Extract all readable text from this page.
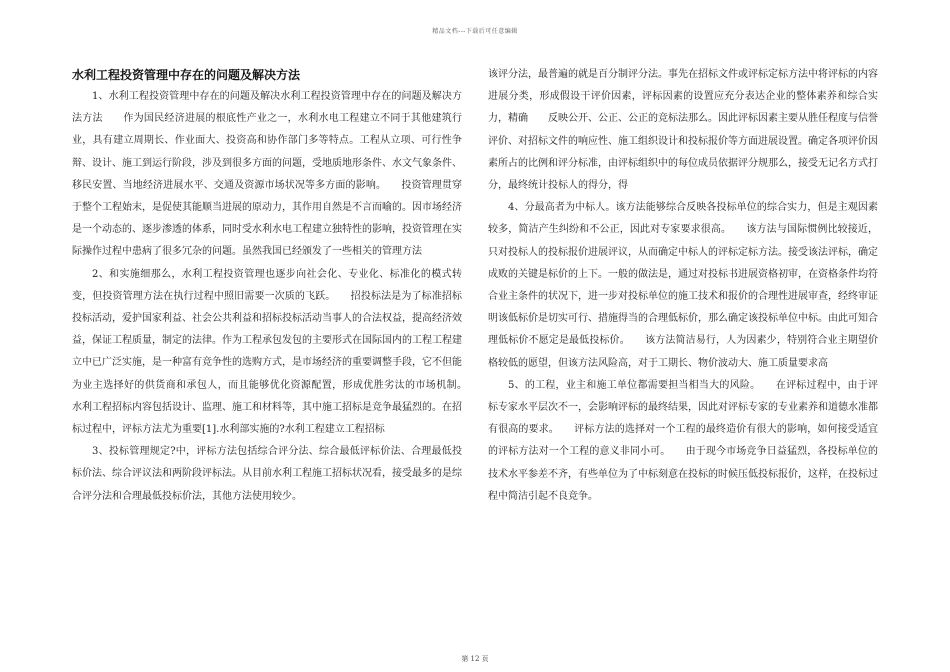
精品文档---下载后可任意编辑
水利工程投资管理中存在的问题及解决方法

1、水利工程投资管理中存在的问题及解决水利工程投资管理中存在的问题及解决方法方法　　作为国民经济进展的根底性产业之一，水利水电工程建立不同于其他建筑行业，具有建立周期长、作业面大、投资高和协作部门多等特点。工程从立项、可行性争辩、设计、施工到运行阶段，涉及到很多方面的问题，受地质地形条件、水文气象条件、移民安置、当地经济进展水平、交通及资源市场状况等多方面的影响。　　投资管理贯穿于整个工程始末，是促使其能顺当进展的原动力，其作用自然是不言而喻的。因市场经济是一个动态的、逐步渗透的体系，同时受水利水电工程建立独特性的影响，投资管理在实际操作过程中患病了很多冗杂的问题。虽然我国已经颁发了一些相关的管理方法

2、和实施细那么，水利工程投资管理也逐步向社会化、专业化、标准化的模式转变，但投资管理方法在执行过程中照旧需要一次质的飞跃。　　招投标法是为了标准招标投标活动，爱护国家利益、社会公共利益和招标投标活动当事人的合法权益，提高经济效益，保证工程质量，制定的法律。作为工程承包发包的主要形式在国际国内的工程工程建立中已广泛实施，是一种富有竞争性的选购方式，是市场经济的重要调整手段，它不但能为业主选择好的供货商和承包人，而且能够优化资源配置，形成优胜劣汰的市场机制。　　水利工程招标内容包括设计、监理、施工和材料等，其中施工招标是竞争最猛烈的。在招标过程中，评标方法尤为重要[1].水利部实施的?水利工程建立工程招标

3、投标管理规定?中，评标方法包括综合评分法、综合最低评标价法、合理最低投标价法、综合评议法和两阶段评标法。从目前水利工程施工招标状况看，接受最多的是综合评分法和合理最低投标价法，其他方法使用较少。

该评分法，最普遍的就是百分制评分法。事先在招标文件或评标定标方法中将评标的内容进展分类，形成假设干评价因素，评标因素的设置应充分表达企业的整体素养和综合实力，精确　　反映公开、公正、公正的竞标法那么。因此评标因素主要从胜任程度与信誉评价、对招标文件的响应性、施工组织设计和投标报价等方面进展设置。确定各项评价因素所占的比例和评分标准，由评标组织中的每位成员依据评分规那么，接受无记名方式打分，最终统计投标人的得分，得

4、分最高者为中标人。该方法能够综合反映各投标单位的综合实力，但是主观因素较多，简洁产生纠纷和不公正，因此对专家要求很高。　　该方法与国际惯例比较接近，只对投标人的投标报价进展评议，从而确定中标人的评标定标方法。接受该法评标，确定成败的关键是标价的上下。一般的做法是，通过对投标书进展资格初审，在资格条件均符合业主条件的状况下，进一步对投标单位的施工技术和报价的合理性进展审查，经终审证明该低标价是切实可行、措施得当的合理低标价，那么确定该投标单位中标。由此可知合理低标价不愿定是最低投标价。　　该方法简洁易行，人为因素少，特别符合业主期望价格较低的愿望，但该方法风险高，对于工期长、物价波动大、施工质量要求高

5、的工程，业主和施工单位都需要担当相当大的风险。　　在评标过程中，由于评标专家水平层次不一，会影响评标的最终结果，因此对评标专家的专业素养和道德水准都有很高的要求。　　评标方法的选择对一个工程的最终造价有很大的影响，如何接受适宜的评标方法对一个工程的意义非同小可。　　由于现今市场竞争日益猛烈，各投标单位的技术水平参差不齐，有些单位为了中标刻意在投标的时候压低投标报价，这样，在投标过程中简洁引起不良竞争。

第 12 页
